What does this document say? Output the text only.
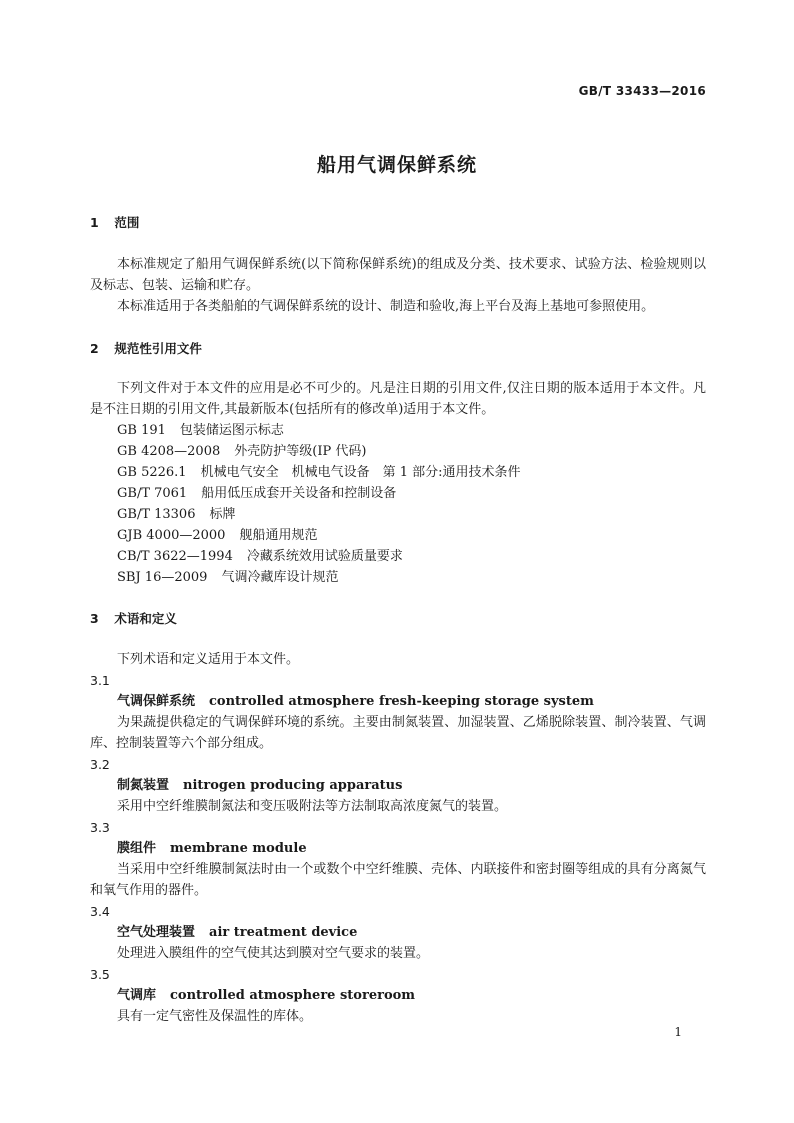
GB/T 33433—2016
船用气调保鲜系统
1 范围
本标准规定了船用气调保鲜系统(以下简称保鲜系统)的组成及分类、技术要求、试验方法、检验规则以及标志、包装、运输和贮存。
本标准适用于各类船舶的气调保鲜系统的设计、制造和验收,海上平台及海上基地可参照使用。
2 规范性引用文件
下列文件对于本文件的应用是必不可少的。凡是注日期的引用文件,仅注日期的版本适用于本文件。凡是不注日期的引用文件,其最新版本(包括所有的修改单)适用于本文件。
GB 191 包装储运图示标志
GB 4208—2008 外壳防护等级(IP 代码)
GB 5226.1 机械电气安全　机械电气设备　第 1 部分:通用技术条件
GB/T 7061 船用低压成套开关设备和控制设备
GB/T 13306 标牌
GJB 4000—2000 舰船通用规范
CB/T 3622—1994 冷藏系统效用试验质量要求
SBJ 16—2009 气调冷藏库设计规范
3 术语和定义
下列术语和定义适用于本文件。
3.1
气调保鲜系统 controlled atmosphere fresh-keeping storage system
为果蔬提供稳定的气调保鲜环境的系统。主要由制氮装置、加湿装置、乙烯脱除装置、制冷装置、气调库、控制装置等六个部分组成。
3.2
制氮装置 nitrogen producing apparatus
采用中空纤维膜制氮法和变压吸附法等方法制取高浓度氮气的装置。
3.3
膜组件 membrane module
当采用中空纤维膜制氮法时由一个或数个中空纤维膜、壳体、内联接件和密封圈等组成的具有分离氮气和氧气作用的器件。
3.4
空气处理装置 air treatment device
处理进入膜组件的空气使其达到膜对空气要求的装置。
3.5
气调库 controlled atmosphere storeroom
具有一定气密性及保温性的库体。
1
